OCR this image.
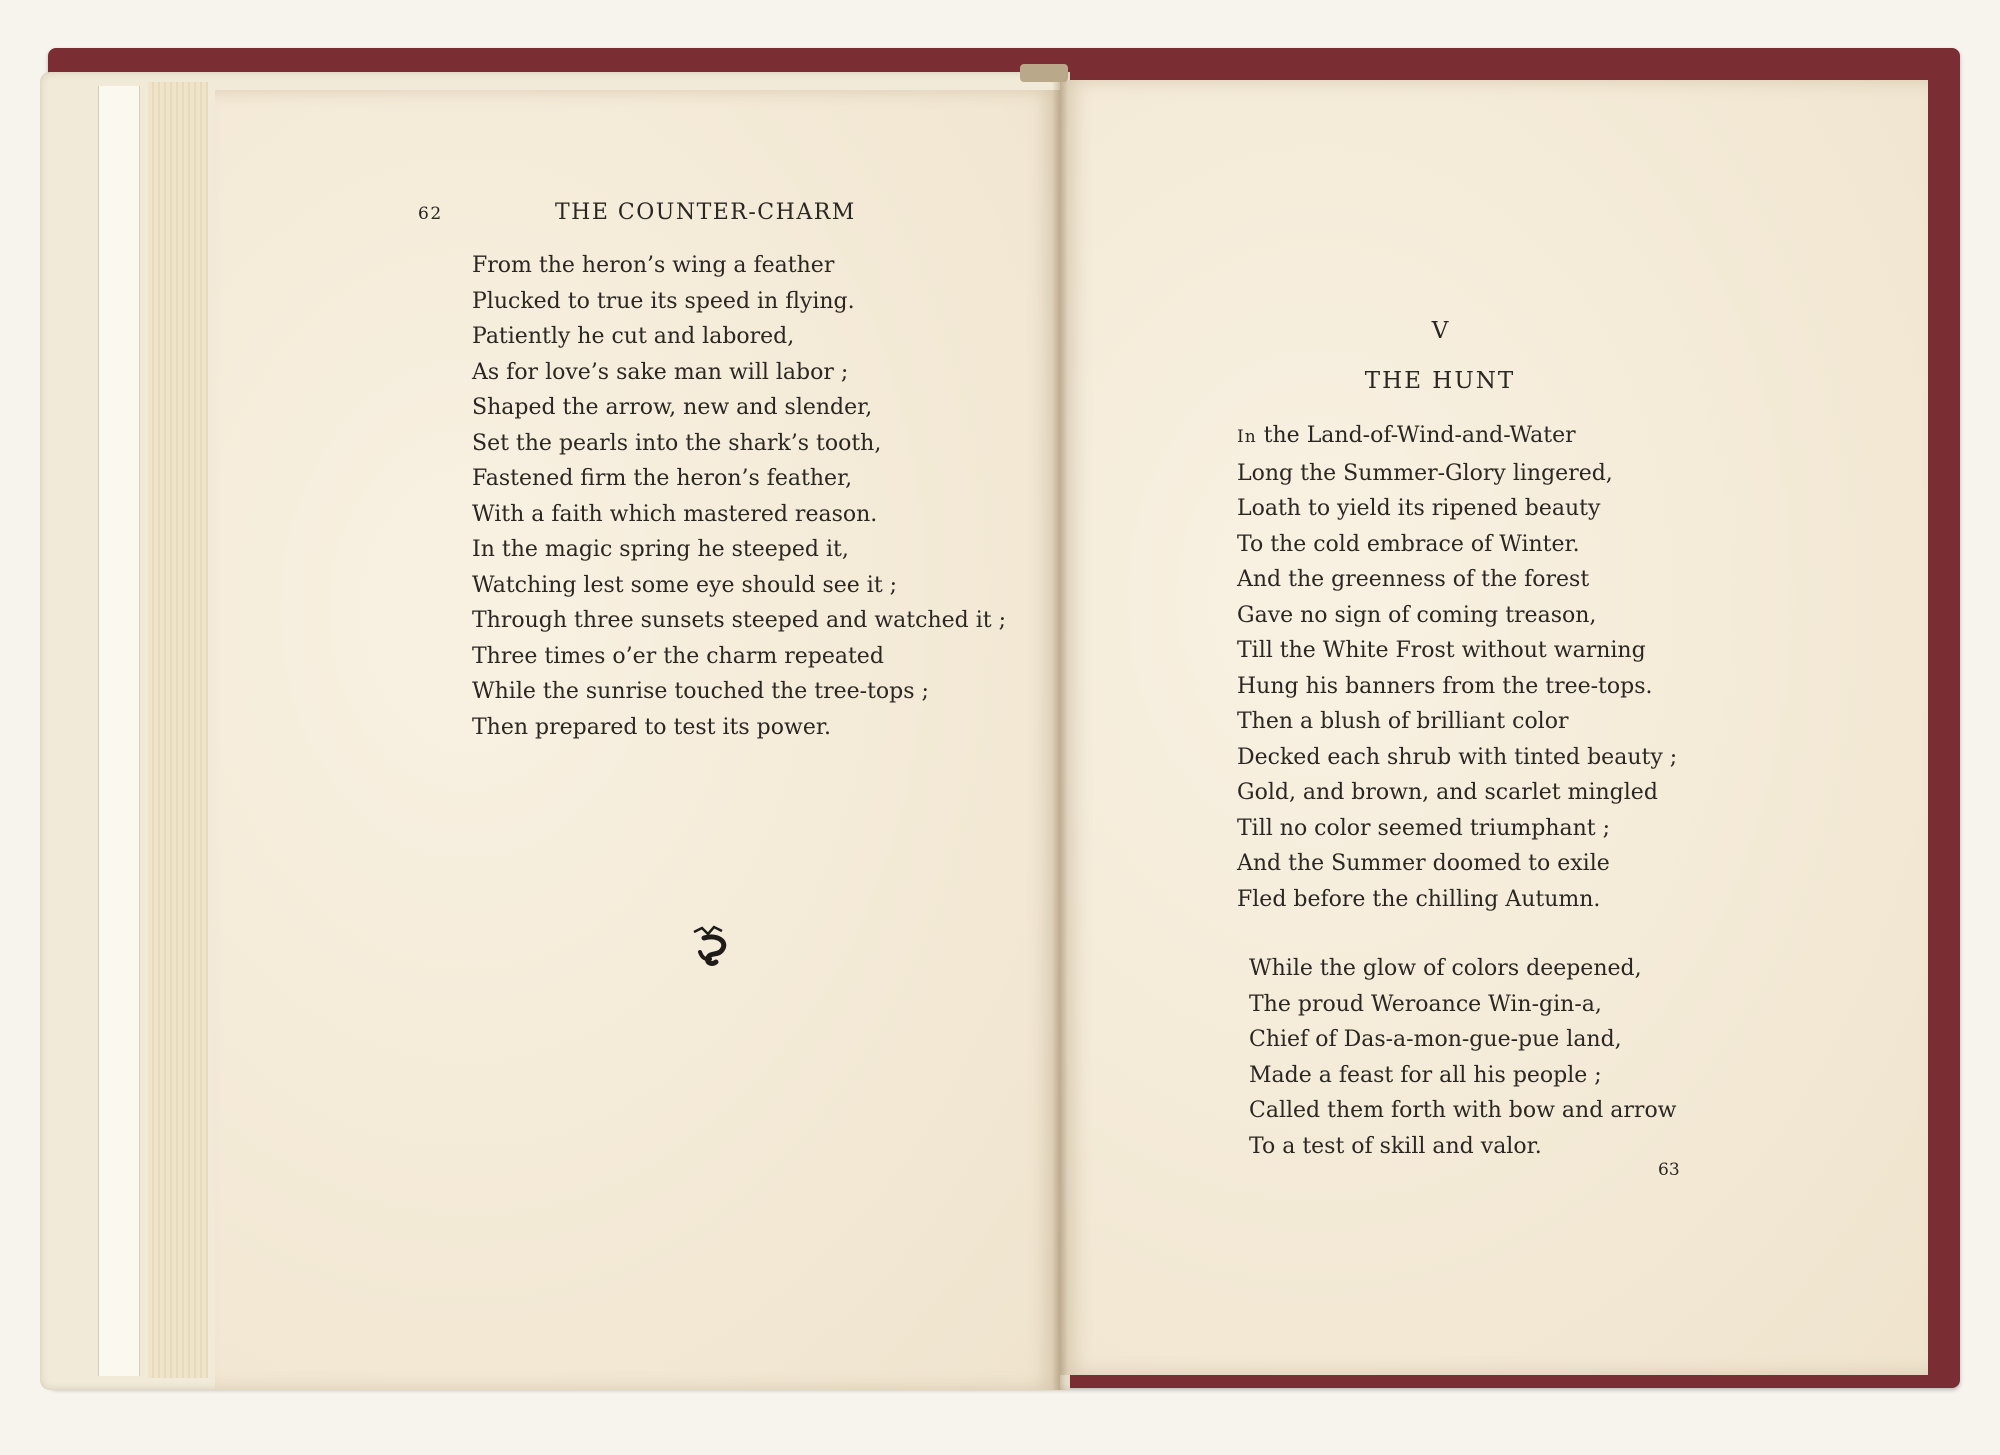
62	THE COUNTER-CHARM
From the heron’s wing a feather
Plucked to true its speed in flying.
Patiently he cut and labored,
As for love’s sake man will labor ;
Shaped the arrow, new and slender,
Set the pearls into the shark’s tooth,
Fastened firm the heron’s feather,
With a faith which mastered reason.
In the magic spring he steeped it,
Watching lest some eye should see it ;
Through three sunsets steeped and watched it ;
Three times o’er the charm repeated
While the sunrise touched the tree-tops ;
Then prepared to test its power.
V
THE HUNT
In the Land-of-Wind-and-Water
Long the Summer-Glory lingered,
Loath to yield its ripened beauty
To the cold embrace of Winter.
And the greenness of the forest
Gave no sign of coming treason,
Till the White Frost without warning
Hung his banners from the tree-tops.
Then a blush of brilliant color
Decked each shrub with tinted beauty ;
Gold, and brown, and scarlet mingled
Till no color seemed triumphant ;
And the Summer doomed to exile
Fled before the chilling Autumn.
While the glow of colors deepened,
The proud Weroance Win-gin-a,
Chief of Das-a-mon-gue-pue land,
Made a feast for all his people ;
Called them forth with bow and arrow
To a test of skill and valor.
63
